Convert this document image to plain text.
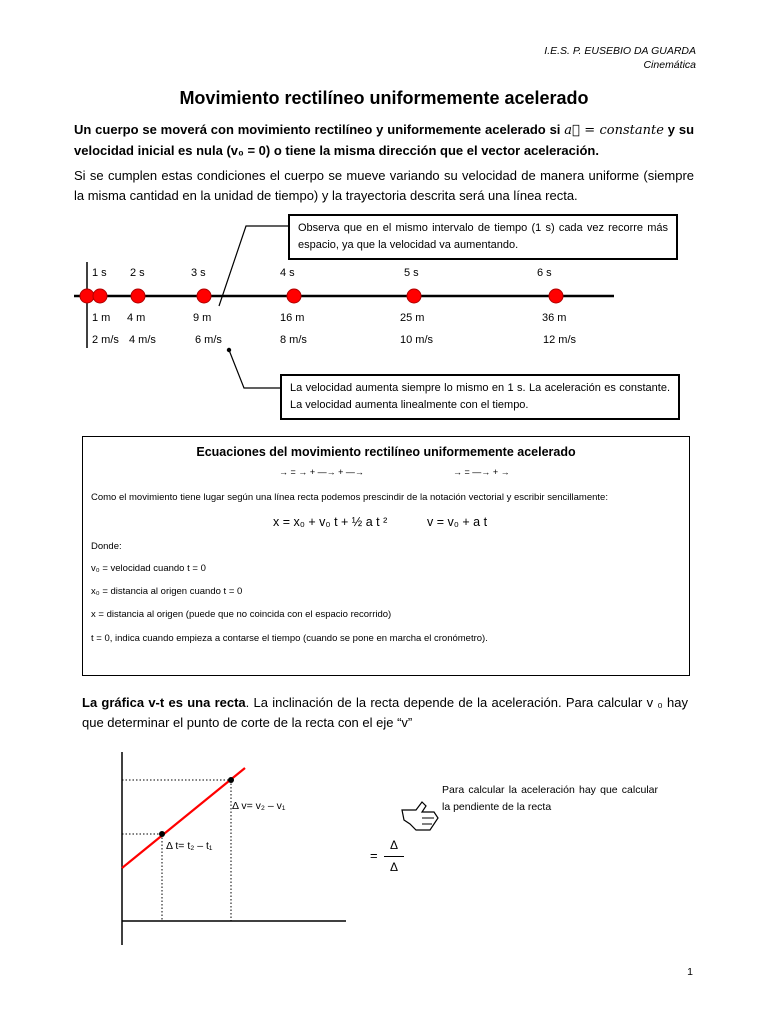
I.E.S. P. EUSEBIO DA GUARDA
Cinemática
Movimiento rectilíneo uniformemente acelerado
Un cuerpo se moverá con movimiento rectilíneo y uniformemente acelerado si a⃗ = constante y su velocidad inicial es nula (v₀ = 0) o tiene la misma dirección que el vector aceleración.
Si se cumplen estas condiciones el cuerpo se mueve variando su velocidad de manera uniforme (siempre la misma cantidad en la unidad de tiempo) y la trayectoria descrita será una línea recta.
Observa que en el mismo intervalo de tiempo (1 s) cada vez recorre más espacio, ya que la velocidad va aumentando.
La velocidad aumenta siempre lo mismo en 1 s. La aceleración es constante. La velocidad aumenta linealmente con el tiempo.
1 s
1 m
2 m/s
2 s
4 m
4 m/s
3 s
9 m
6 m/s
4 s
16 m
8 m/s
5 s
25 m
10 m/s
6 s
36 m
12 m/s
Ecuaciones del movimiento rectilíneo uniformemente acelerado
→ = → + —→ + —→	→ = —→ + →
Como el movimiento tiene lugar según una línea recta podemos prescindir de la notación vectorial y escribir sencillamente:
x = x₀ + v₀ t + ½ a t ²	v = v₀ + a t
Donde:
v₀ = velocidad cuando t = 0
x₀ = distancia al origen cuando t = 0
x = distancia al origen (puede que no coincida con el espacio recorrido)
t = 0, indica cuando empieza a contarse el tiempo (cuando se pone en marcha el cronómetro).
La gráfica v-t es una recta. La inclinación de la recta depende de la aceleración. Para calcular v ₀ hay que determinar el punto de corte de la recta con el eje “v”
Δ v= v₂ – v₁
Δ t= t₂ – t₁
=
Δ
Δ
Para calcular la aceleración hay que calcular la pendiente de la recta
1
